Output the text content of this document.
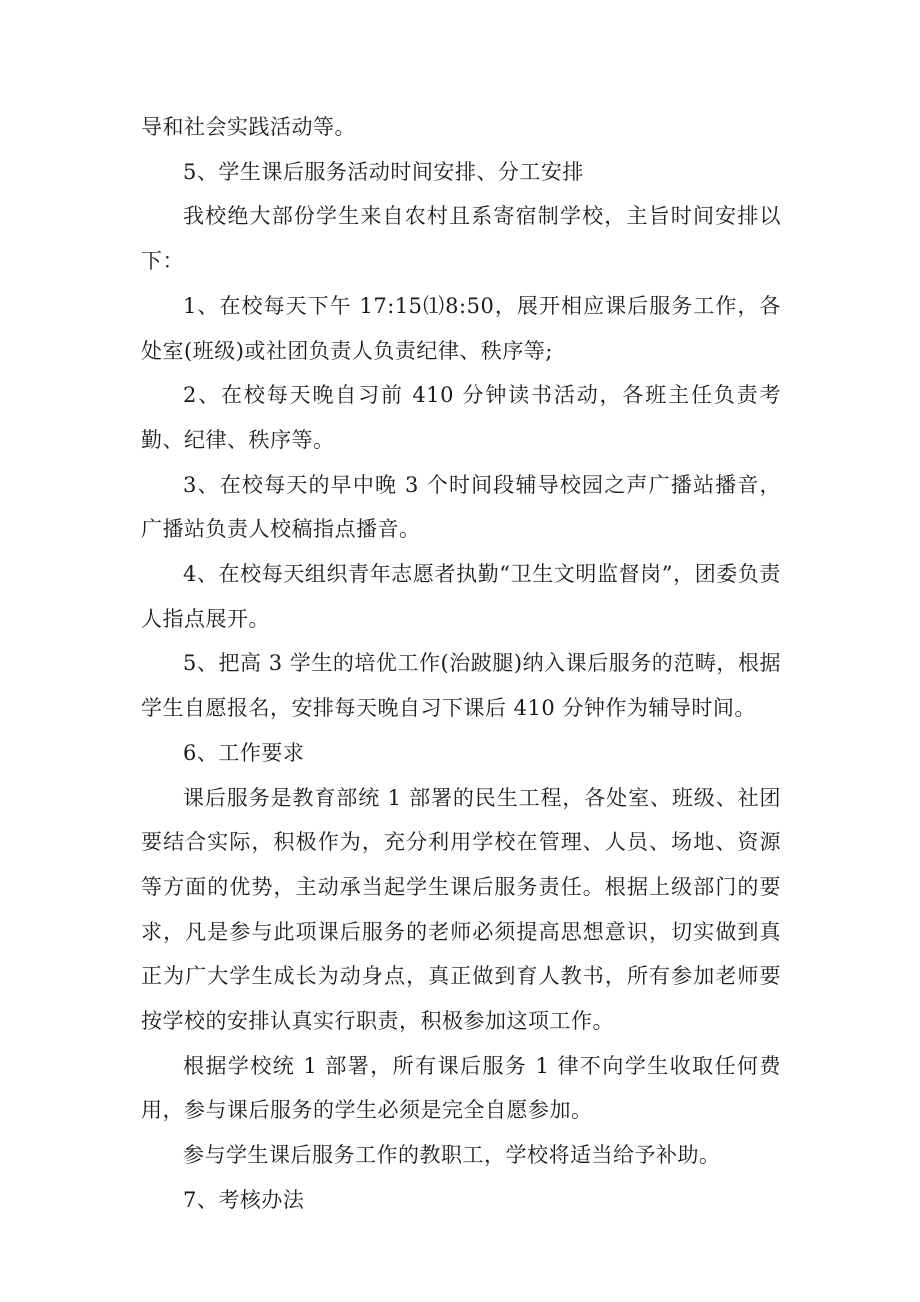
导和社会实践活动等。

5、学生课后服务活动时间安排、分工安排

我校绝大部份学生来自农村且系寄宿制学校，主旨时间安排以下：

1、在校每天下午 17:15⑴8:50，展开相应课后服务工作，各处室(班级)或社团负责人负责纪律、秩序等;

2、在校每天晚自习前 410 分钟读书活动，各班主任负责考勤、纪律、秩序等。

3、在校每天的早中晚 3 个时间段辅导校园之声广播站播音，广播站负责人校稿指点播音。

4、在校每天组织青年志愿者执勤“卫生文明监督岗”，团委负责人指点展开。

5、把高 3 学生的培优工作(治跛腿)纳入课后服务的范畴，根据学生自愿报名，安排每天晚自习下课后 410 分钟作为辅导时间。

6、工作要求

课后服务是教育部统 1 部署的民生工程，各处室、班级、社团要结合实际，积极作为，充分利用学校在管理、人员、场地、资源等方面的优势，主动承当起学生课后服务责任。根据上级部门的要求，凡是参与此项课后服务的老师必须提高思想意识，切实做到真正为广大学生成长为动身点，真正做到育人教书，所有参加老师要按学校的安排认真实行职责，积极参加这项工作。

根据学校统 1 部署，所有课后服务 1 律不向学生收取任何费用，参与课后服务的学生必须是完全自愿参加。

参与学生课后服务工作的教职工，学校将适当给予补助。

7、考核办法
